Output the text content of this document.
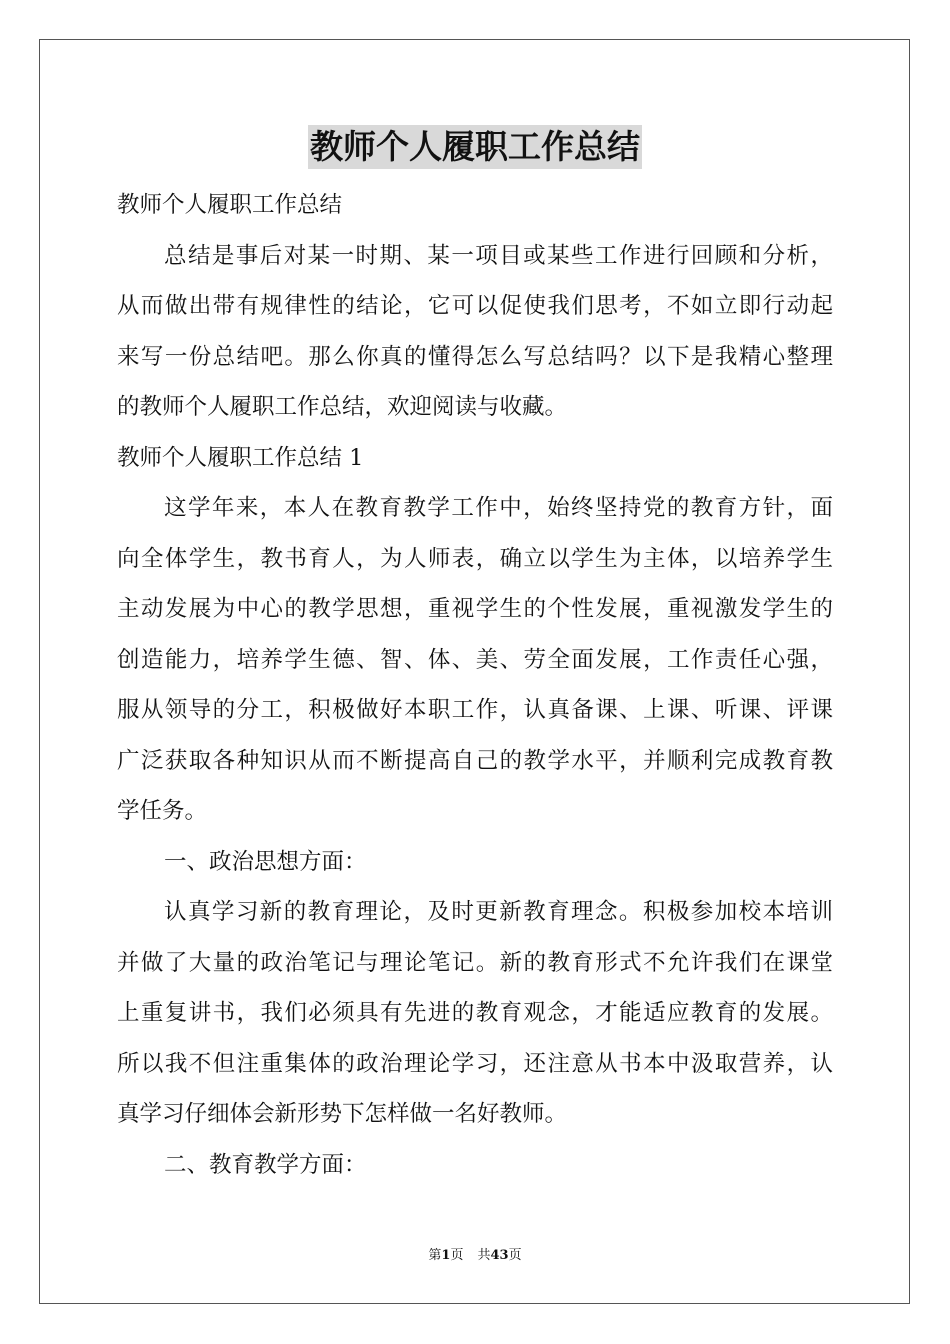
教师个人履职工作总结
教师个人履职工作总结
总结是事后对某一时期、某一项目或某些工作进行回顾和分析，
从而做出带有规律性的结论，它可以促使我们思考，不如立即行动起
来写一份总结吧。那么你真的懂得怎么写总结吗？以下是我精心整理
的教师个人履职工作总结，欢迎阅读与收藏。
教师个人履职工作总结 1
这学年来，本人在教育教学工作中，始终坚持党的教育方针，面
向全体学生，教书育人，为人师表，确立以学生为主体，以培养学生
主动发展为中心的教学思想，重视学生的个性发展，重视激发学生的
创造能力，培养学生德、智、体、美、劳全面发展，工作责任心强，
服从领导的分工，积极做好本职工作，认真备课、上课、听课、评课
广泛获取各种知识从而不断提高自己的教学水平，并顺利完成教育教
学任务。
一、政治思想方面：
认真学习新的教育理论，及时更新教育理念。积极参加校本培训
并做了大量的政治笔记与理论笔记。新的教育形式不允许我们在课堂
上重复讲书，我们必须具有先进的教育观念，才能适应教育的发展。
所以我不但注重集体的政治理论学习，还注意从书本中汲取营养，认
真学习仔细体会新形势下怎样做一名好教师。
二、教育教学方面：
第1页 共43页
